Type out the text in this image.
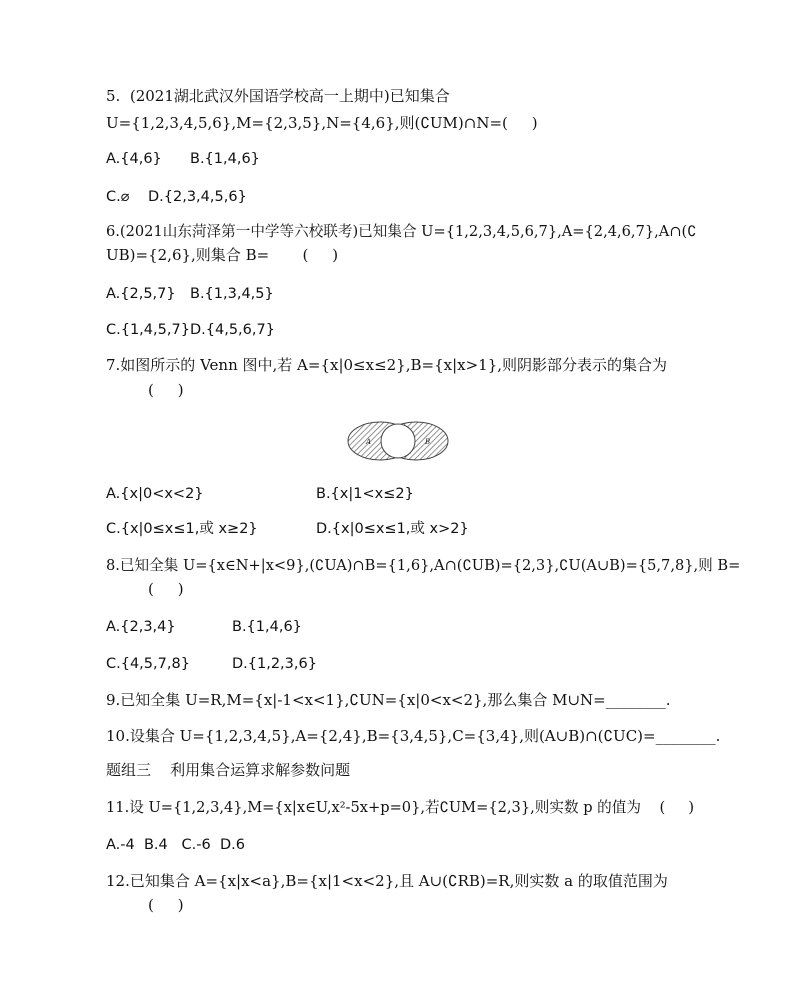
5.  (2021湖北武汉外国语学校高一上期中)已知集合
U={1,2,3,4,5,6},M={2,3,5},N={4,6},则(∁UM)∩N=(     )
A.{4,6} B.{1,4,6}
C.⌀ D.{2,3,4,5,6}
6.(2021山东菏泽第一中学等六校联考)已知集合 U={1,2,3,4,5,6,7},A={2,4,6,7},A∩(∁
UB)={2,6},则集合 B=       (     )
A.{2,5,7} B.{1,3,4,5}
C.{1,4,5,7} D.{4,5,6,7}
7.如图所示的 Venn 图中,若 A={x|0≤x≤2},B={x|x>1},则阴影部分表示的集合为
(     )
A	B
A.{x|0<x<2}	B.{x|1<x≤2}
C.{x|0≤x≤1,或 x≥2}	D.{x|0≤x≤1,或 x>2}
8.已知全集 U={x∈N+|x<9},(∁UA)∩B={1,6},A∩(∁UB)={2,3},∁U(A∪B)={5,7,8},则 B=
(     )
A.{2,3,4}	B.{1,4,6}
C.{4,5,7,8}	D.{1,2,3,6}
9.已知全集 U=R,M={x|-1<x<1},∁UN={x|0<x<2},那么集合 M∪N=________.
10.设集合 U={1,2,3,4,5},A={2,4},B={3,4,5},C={3,4},则(A∪B)∩(∁UC)=________.
题组三    利用集合运算求解参数问题
11.设 U={1,2,3,4},M={x|x∈U,x²-5x+p=0},若∁UM={2,3},则实数 p 的值为    (     )
A.-4  B.4   C.-6  D.6
12.已知集合 A={x|x<a},B={x|1<x<2},且 A∪(∁RB)=R,则实数 a 的取值范围为
(     )
